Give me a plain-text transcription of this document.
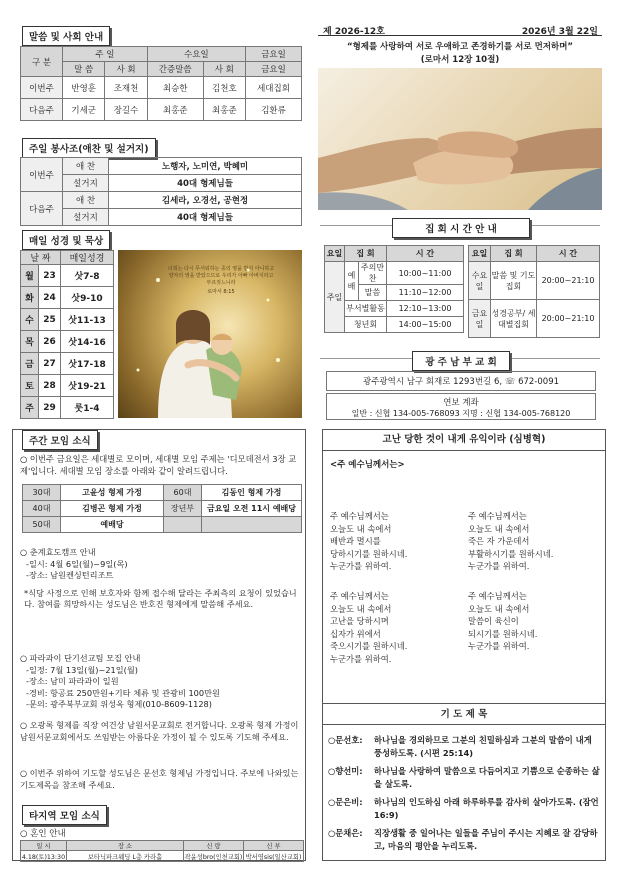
말씀 및 사회 안내
구 분	주 일		수요일		금요일
	말 씀	사 회	간증말씀	사 회	금요일
이번주	반영훈	조재천	최승한	김천호	세대집회
다음주	기세군	장길수	최홍준	최홍준	김환류
주일 봉사조(애찬 및 설거지)
이번주	애 찬	노행자, 노미연, 박혜미
	설거지	40대 형제님들
다음주	애 찬	김세라, 오경선, 공현정
	설거지	40대 형제님들
매일 성경 및 묵상
날 짜		매일성경
월	23	삿7-8
화	24	삿9-10
수	25	삿11-13
목	26	삿14-16
금	27	삿17-18
토	28	삿19-21
주	29	룻1-4
너희는 다시 무서워하는 종의 영을 받지 아니하고 양자의 영을 받았으므로 우리가 아빠 아버지라고 부르짖느니라
로마서 8:15
제 2026-12호	2026년 3월 22일
“형제를 사랑하여 서로 우애하고 존경하기를 서로 먼저하며”
(로마서 12장 10절)
집 회 시 간 안 내
요일	집 회		시 간
주일	예배	주의만찬	10:00~11:00
		말씀	11:10~12:00
	부서별활동		12:10~13:00
	청년회		14:00~15:00
요일	집 회	시 간
수요일	말씀 및 기도집회	20:00~21:10
금요일	성경공부/ 세대별집회	20:00~21:10
광 주 남 부 교 회
광주광역시 남구 회재로 1293번길 6, ☏ 672-0091
연보 계좌
일반 : 신협 134-005-768093 지명 : 신협 134-005-768120
주간 모임 소식
○ 이번주 금요일은 세대별로 모이며, 세대별 모임 주제는 '디모데전서 3장 교제'입니다. 세대별 모임 장소를 아래와 같이 알려드립니다.
30대	고윤성 형제 가정	60대	김동인 형제 가정
40대	김병곤 형제 가정	장년부	금요일 오전 11시 예배당
50대	예배당		
○ 춘계효도캠프 안내
-일시: 4월 6일(월)~9일(목)
-장소: 남원켄싱턴리조트
*식당 사정으로 인해 보호자와 함께 접수해 달라는 주최측의 요청이 있었습니다. 참여를 희망하시는 성도님은 반호진 형제에게 말씀해 주세요.
○ 파라과이 단기선교팀 모집 안내
-일정: 7월 13일(월)~21일(월)
-장소: 남미 파라과이 일원
-경비: 항공료 250만원+기타 체류 및 관광비 100만원
-문의: 광주북부교회 위성옥 형제(010-8609-1128)
○ 오광록 형제를 직장 여건상 남원서문교회로 전거합니다. 오광록 형제 가정이 남원서문교회에서도 쓰임받는 아름다운 가정이 될 수 있도록 기도해 주세요.
○ 이번주 위하여 기도할 성도님은 문선호 형제님 가정입니다. 주보에 나와있는 기도제목을 참조해 주세요.
타지역 모임 소식
○ 혼인 안내
일 시	장 소	신 랑	신 부
4.18(토)13:30	보타닉파크웨딩 L층 카라홀	곽윤성bro(인천교회)	박서영sis(일산교회)
고난 당한 것이 내게 유익이라 (심병혁)
<주 예수님께서는>
주 예수님께서는
오늘도 내 속에서
배반과 멸시를
당하시기를 원하시네.
누군가를 위하여.
주 예수님께서는
오늘도 내 속에서
죽은 자 가운데서
부활하시기를 원하시네.
누군가를 위하여.
주 예수님께서는
오늘도 내 속에서
고난을 당하시며
십자가 위에서
죽으시기를 원하시네.
누군가를 위하여.
주 예수님께서는
오늘도 내 속에서
말씀이 육신이
되시기를 원하시네.
누군가를 위하여.
기 도 제 목
○문선호:	하나님을 경외하므로 그분의 친밀하심과 그분의 말씀이 내게 풍성하도록. (시편 25:14)
○향선미:	하나님을 사랑하여 말씀으로 다듬어지고 기쁨으로 순종하는 삶을 살도록.
○문은비:	하나님의 인도하심 아래 하루하루를 감사히 살아가도록. (잠언 16:9)
○문채은:	직장생활 중 일어나는 일들을 주님이 주시는 지혜로 잘 감당하고, 마음의 평안을 누리도록.
